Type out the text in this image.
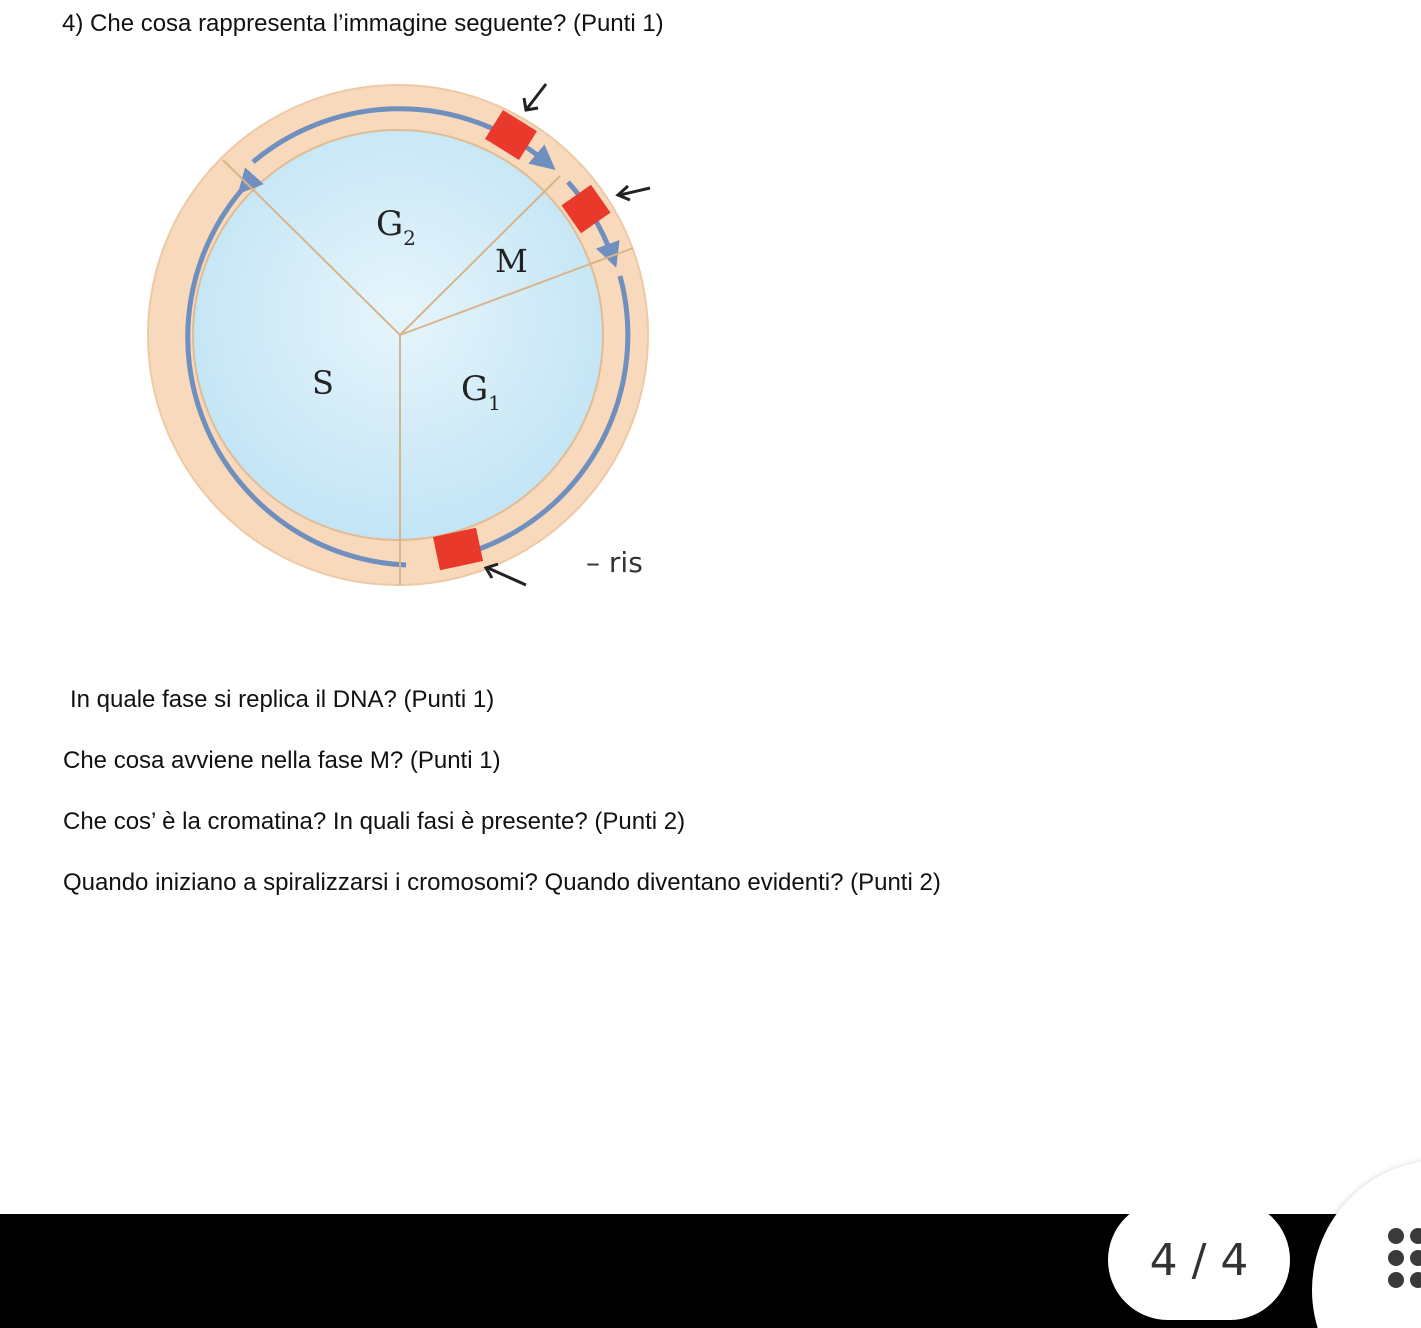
4) Che cosa rappresenta l’immagine seguente? (Punti 1)
$G_2$
M
S	$G_1$
– ris
In quale fase si replica il DNA? (Punti 1)
Che cosa avviene nella fase M? (Punti 1)
Che cos’ è la cromatina? In quali fasi è presente? (Punti 2)
Quando iniziano a spiralizzarsi i cromosomi? Quando diventano evidenti? (Punti 2)
4 / 4
